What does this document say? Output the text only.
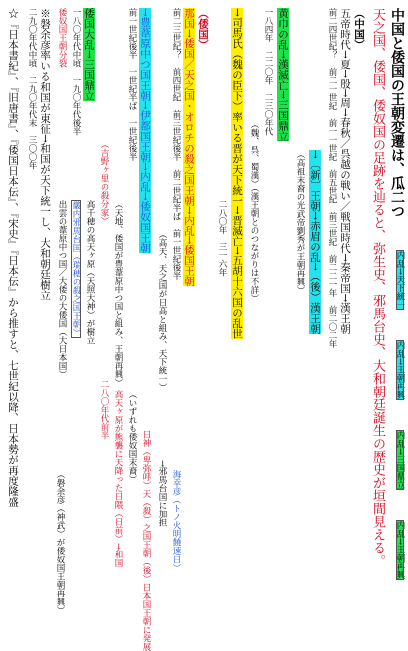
中国と倭国の王朝変遷は、瓜二つ
天之国、倭国、倭奴国の足跡を辿ると、弥生史、邪馬台史、大和朝廷誕生の歴史が垣間見える。
（中国）
五帝時代→夏→殷→周→春秋／呉越の戦い／戦国時代→秦帝国→漢王朝
前二四世紀？　前二一世紀　前一一世紀　前五世紀　前三世紀　前二二一年　前二〇二年
→〔新〕王朝→赤眉の乱→（後）漢王朝
（高祖末裔の光武帝劉秀が王朝再興）
黄巾の乱→漢滅亡→三国鼎立
一八四年　二二〇年　二三〇年代
（魏、呉、蜀漢）（漢王朝とのつながりは不詳）
→司馬氏（魏の臣下）率いる晋が天下統一→晋滅亡→五胡十六国の乱世
二八〇年　三一六年
（倭国）
那国→倭国／天之国・オロチの殺之国王朝→内乱→倭国王朝
前二三世紀？　前四世紀　前三世紀後半　前二世紀半ば　前一世紀後半
（高天、天之国が日高と組み、天下統一）
→豊葦原中つ国王朝→伊都国王朝→内乱→倭奴国王朝
前一世紀後半　一世紀半ば　一世紀後半
（天地、倭国が豊葦原中つ国と組み、王朝再興）
（吉野ヶ里の殺分家）
倭国大乱→三国鼎立
一八〇年代中頃　一九〇年代後半
倭奴国王朝分裂
高千穂の高天ヶ原（天照大神）が樹立
畿内邪馬台国（瑞穂の殺之国王朝）
出雲の葦原中つ国／大倭の大倭国（大日本国）
二八〇年代前半 高天ヶ原が熊襲に天降った日隈（日前）→和国 （いずれも倭奴国末裔） 日神（卑弥呼）天（殺）之国王朝（後）日本国王朝に発展 →邪馬台国に加担 海幸彦（トノ火明饒速日）
※磐余彦率いる和国が東征→和国が天下統一し、大和朝廷樹立
二九〇年代中頃　二九〇年代末　三〇〇年
（磐余彦（神武）が倭奴国王朝再興）
☆『日本書紀』、『旧唐書』、『倭国日本伝』、『宋史』『日本伝』から推すと、七世紀以降、日本勢が再度隆盛	内乱→天下統一
内乱→王朝再興
内乱→三国鼎立
内乱→王朝再興
